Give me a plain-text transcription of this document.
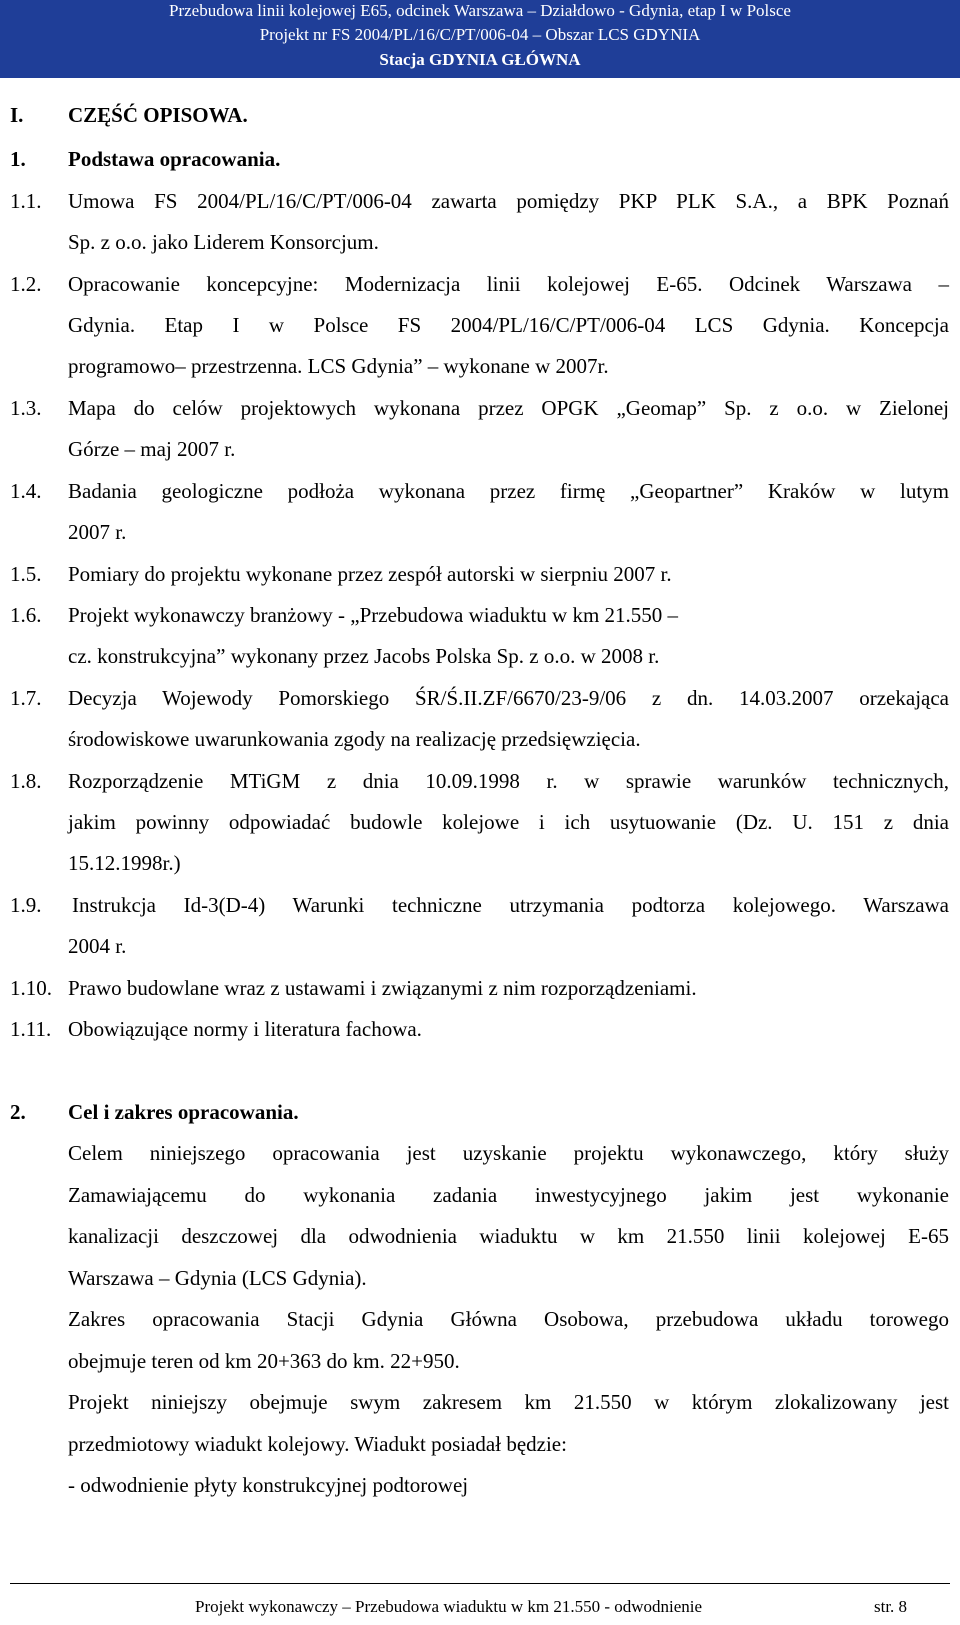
Przebudowa linii kolejowej E65, odcinek Warszawa – Działdowo - Gdynia, etap I w Polsce
Projekt nr FS 2004/PL/16/C/PT/006-04 – Obszar LCS GDYNIA
Stacja GDYNIA GŁÓWNA
I. CZĘŚĆ OPISOWA.
1. Podstawa opracowania.
1.1. Umowa FS 2004/PL/16/C/PT/006-04 zawarta pomiędzy PKP PLK S.A., a BPK Poznań
Sp. z o.o. jako Liderem Konsorcjum.
1.2. Opracowanie koncepcyjne: Modernizacja linii kolejowej E-65. Odcinek Warszawa –
Gdynia. Etap I w Polsce FS 2004/PL/16/C/PT/006-04 LCS Gdynia. Koncepcja
programowo– przestrzenna. LCS Gdynia” – wykonane w 2007r.
1.3. Mapa do celów projektowych wykonana przez OPGK „Geomap” Sp. z o.o. w Zielonej
Górze – maj 2007 r.
1.4. Badania geologiczne podłoża wykonana przez firmę „Geopartner” Kraków w lutym
2007 r.
1.5. Pomiary do projektu wykonane przez zespół autorski w sierpniu 2007 r.
1.6. Projekt wykonawczy branżowy - „Przebudowa wiaduktu w km 21.550 –
cz. konstrukcyjna” wykonany przez Jacobs Polska Sp. z o.o. w 2008 r.
1.7. Decyzja Wojewody Pomorskiego ŚR/Ś.II.ZF/6670/23-9/06 z dn. 14.03.2007 orzekająca
środowiskowe uwarunkowania zgody na realizację przedsięwzięcia.
1.8. Rozporządzenie MTiGM z dnia 10.09.1998 r. w sprawie warunków technicznych,
jakim powinny odpowiadać budowle kolejowe i ich usytuowanie (Dz. U. 151 z dnia
15.12.1998r.)
1.9. Instrukcja Id-3(D-4) Warunki techniczne utrzymania podtorza kolejowego. Warszawa
2004 r.
1.10. Prawo budowlane wraz z ustawami i związanymi z nim rozporządzeniami.
1.11. Obowiązujące normy i literatura fachowa.
2. Cel i zakres opracowania.
Celem niniejszego opracowania jest uzyskanie projektu wykonawczego, który służy
Zamawiającemu do wykonania zadania inwestycyjnego jakim jest wykonanie
kanalizacji deszczowej dla odwodnienia wiaduktu w km 21.550 linii kolejowej E-65
Warszawa – Gdynia (LCS Gdynia).
Zakres opracowania Stacji Gdynia Główna Osobowa, przebudowa układu torowego
obejmuje teren od km 20+363 do km. 22+950.
Projekt niniejszy obejmuje swym zakresem km 21.550 w którym zlokalizowany jest
przedmiotowy wiadukt kolejowy. Wiadukt posiadał będzie:
- odwodnienie płyty konstrukcyjnej podtorowej
Projekt wykonawczy – Przebudowa wiaduktu w km 21.550 - odwodnienie	str. 8
